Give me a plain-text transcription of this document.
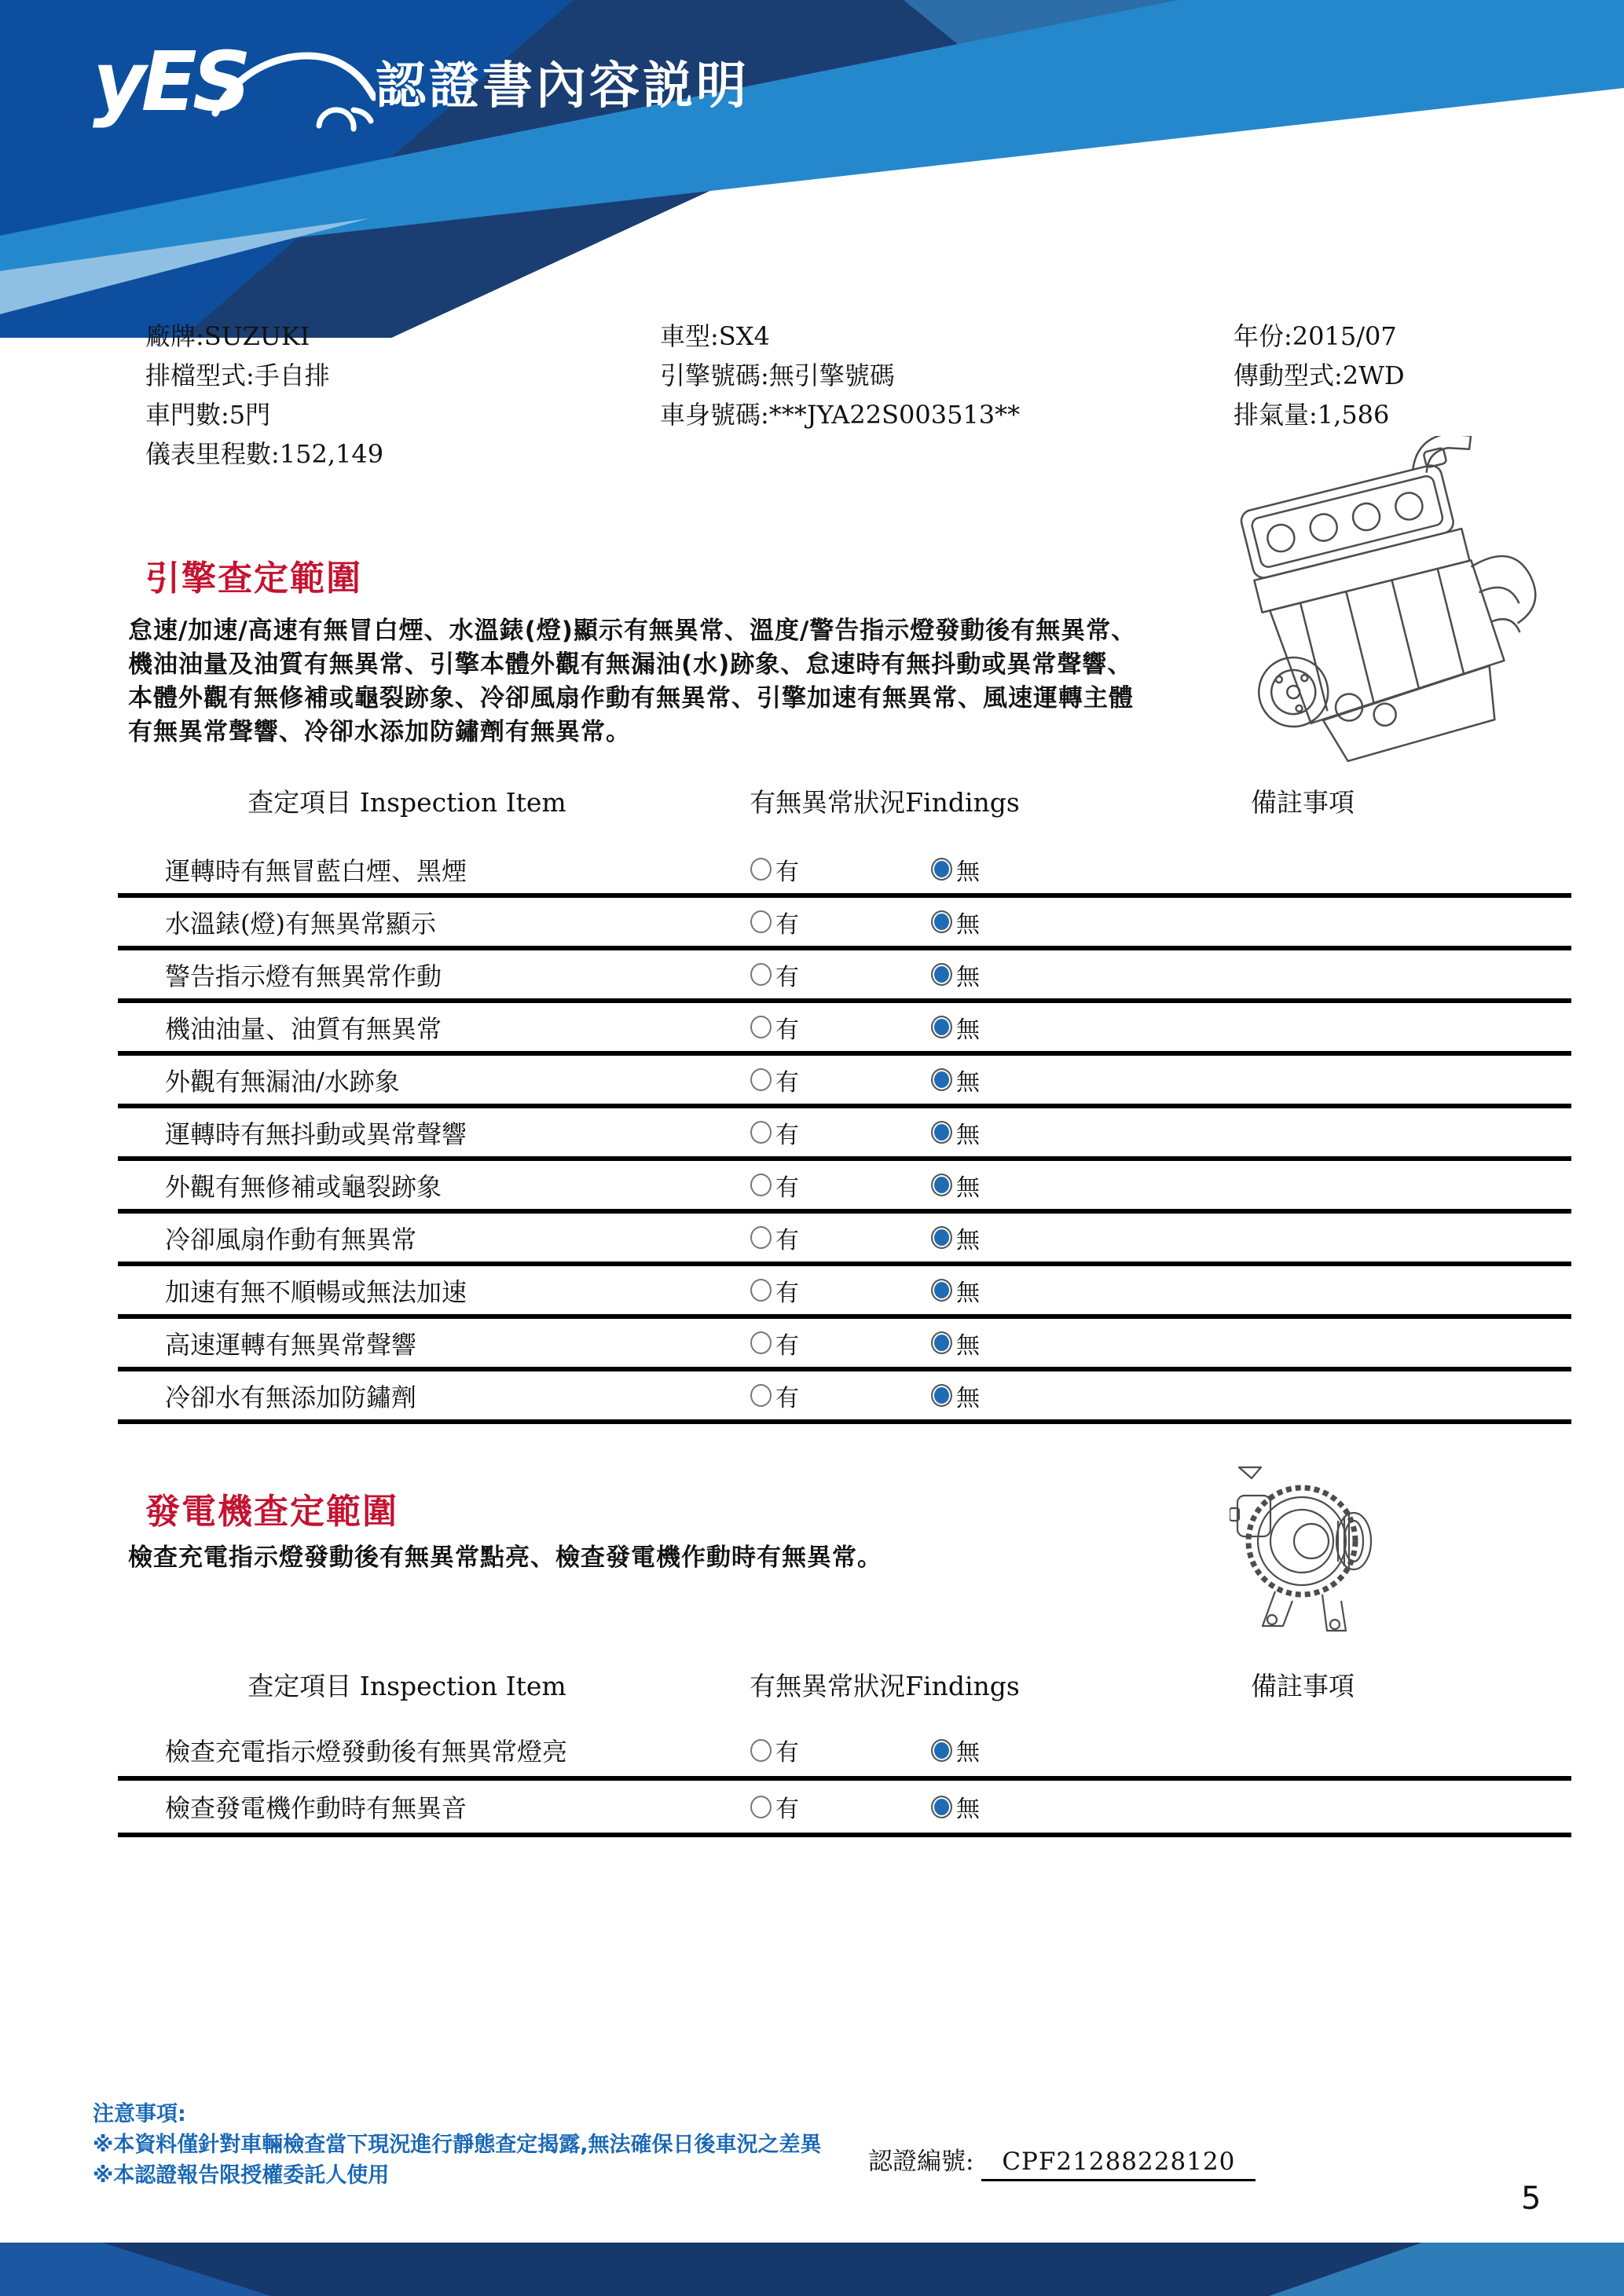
yES	認證書內容説明
廠牌:SUZUKI
排檔型式:手自排
車門數:5門
儀表里程數:152,149
車型:SX4
引擎號碼:無引擎號碼
車身號碼:***JYA22S003513**
年份:2015/07
傳動型式:2WD
排氣量:1,586
引擎查定範圍
怠速/加速/高速有無冒白煙、水溫錶(燈)顯示有無異常、溫度/警告指示燈發動後有無異常、
機油油量及油質有無異常、引擎本體外觀有無漏油(水)跡象、怠速時有無抖動或異常聲響、
本體外觀有無修補或龜裂跡象、冷卻風扇作動有無異常、引擎加速有無異常、風速運轉主體
有無異常聲響、冷卻水添加防鏽劑有無異常。
查定項目 Inspection Item	有無異常狀況Findings	備註事項
運轉時有無冒藍白煙、黑煙	有	無
水溫錶(燈)有無異常顯示	有	無
警告指示燈有無異常作動	有	無
機油油量、油質有無異常	有	無
外觀有無漏油/水跡象	有	無
運轉時有無抖動或異常聲響	有	無
外觀有無修補或龜裂跡象	有	無
冷卻風扇作動有無異常	有	無
加速有無不順暢或無法加速	有	無
高速運轉有無異常聲響	有	無
冷卻水有無添加防鏽劑	有	無
發電機查定範圍
檢查充電指示燈發動後有無異常點亮、檢查發電機作動時有無異常。
查定項目 Inspection Item	有無異常狀況Findings	備註事項
檢查充電指示燈發動後有無異常燈亮	有	無
檢查發電機作動時有無異音	有	無
注意事項:
※本資料僅針對車輛檢查當下現況進行靜態查定揭露,無法確保日後車況之差異
※本認證報告限授權委託人使用	認證編號: CPF21288228120
5
